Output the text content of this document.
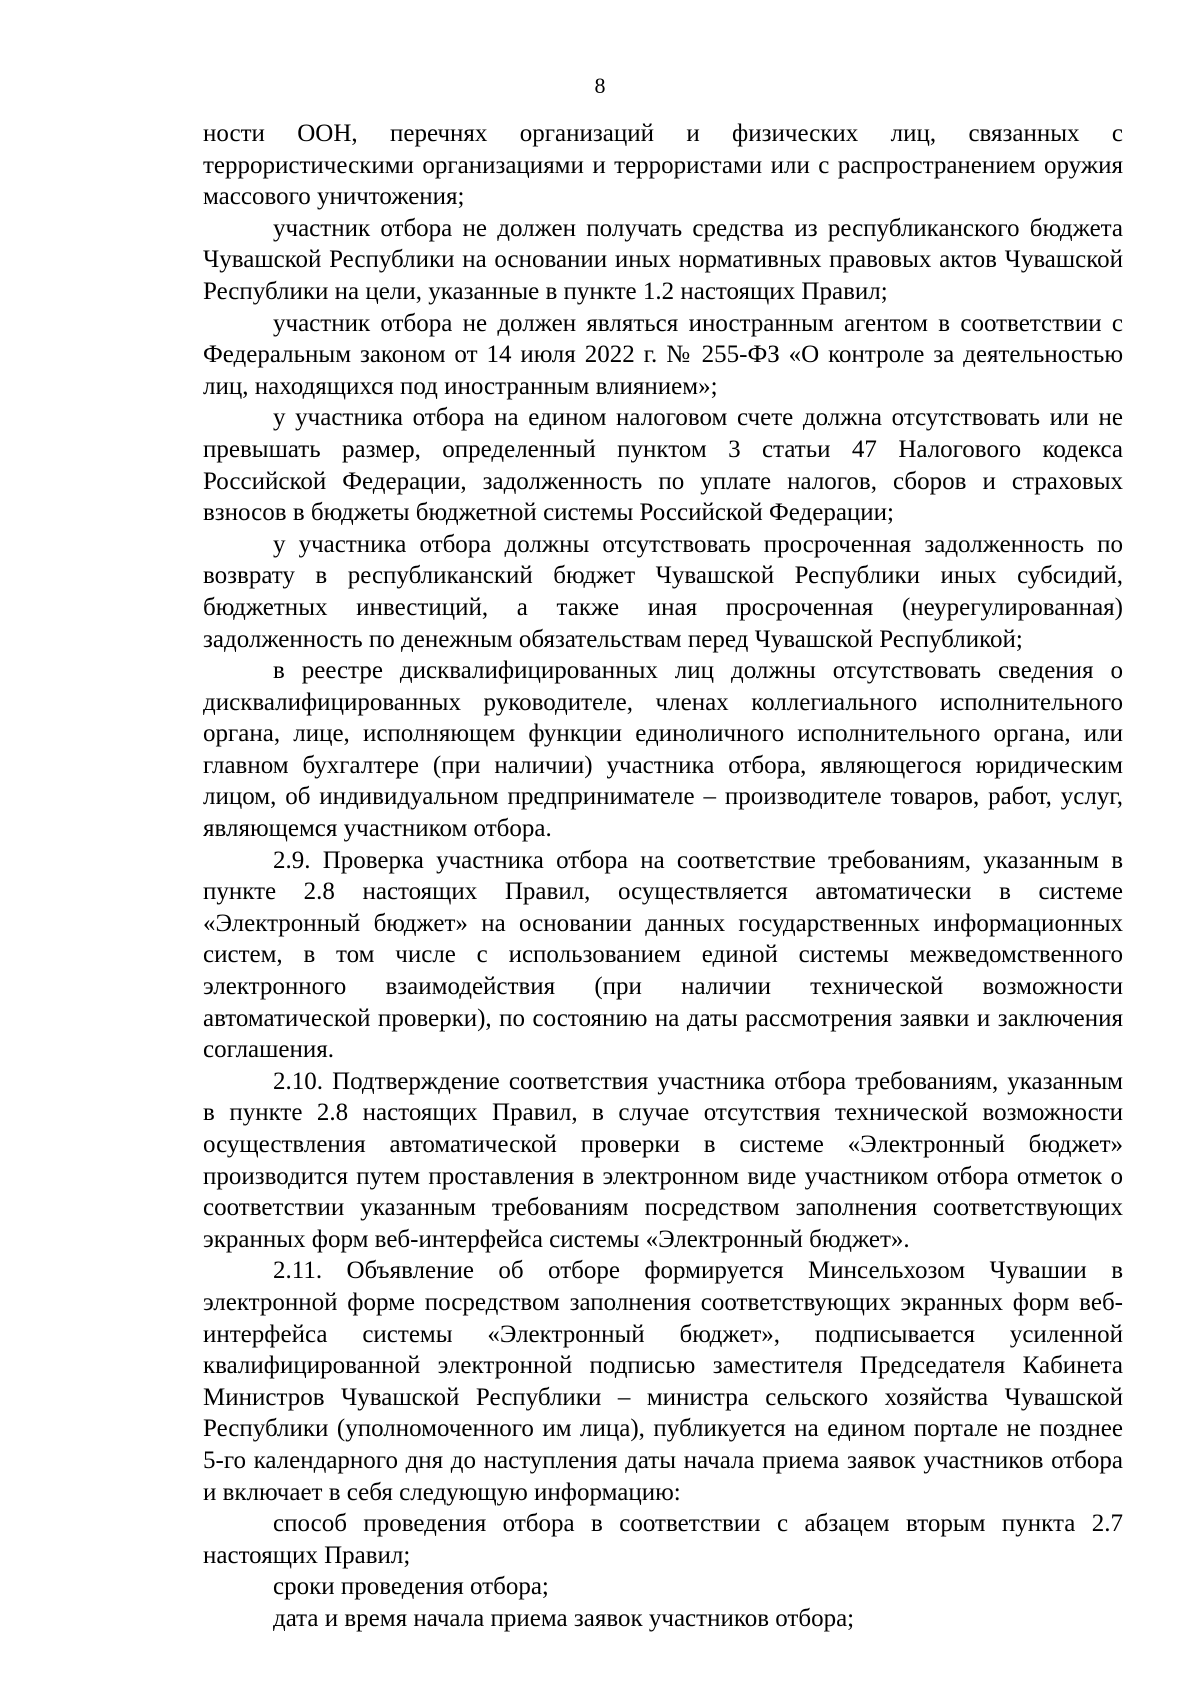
8

ности ООН, перечнях организаций и физических лиц, связанных с террористическими организациями и террористами или с распространением оружия массового уничтожения;

участник отбора не должен получать средства из республиканского бюджета Чувашской Республики на основании иных нормативных правовых актов Чувашской Республики на цели, указанные в пункте 1.2 настоящих Правил;

участник отбора не должен являться иностранным агентом в соответствии с Федеральным законом от 14 июля 2022 г. № 255-ФЗ «О контроле за деятельностью лиц, находящихся под иностранным влиянием»;

у участника отбора на едином налоговом счете должна отсутствовать или не превышать размер, определенный пунктом 3 статьи 47 Налогового кодекса Российской Федерации, задолженность по уплате налогов, сборов и страховых взносов в бюджеты бюджетной системы Российской Федерации;

у участника отбора должны отсутствовать просроченная задолженность по возврату в республиканский бюджет Чувашской Республики иных субсидий, бюджетных инвестиций, а также иная просроченная (неурегулированная) задолженность по денежным обязательствам перед Чувашской Республикой;

в реестре дисквалифицированных лиц должны отсутствовать сведения о дисквалифицированных руководителе, членах коллегиального исполнительного органа, лице, исполняющем функции единоличного исполнительного органа, или главном бухгалтере (при наличии) участника отбора, являющегося юридическим лицом, об индивидуальном предпринимателе – производителе товаров, работ, услуг, являющемся участником отбора.

2.9. Проверка участника отбора на соответствие требованиям, указанным в пункте 2.8 настоящих Правил, осуществляется автоматически в системе «Электронный бюджет» на основании данных государственных информационных систем, в том числе с использованием единой системы межведомственного электронного взаимодействия (при наличии технической возможности автоматической проверки), по состоянию на даты рассмотрения заявки и заключения соглашения.

2.10. Подтверждение соответствия участника отбора требованиям, указанным в пункте 2.8 настоящих Правил, в случае отсутствия технической возможности осуществления автоматической проверки в системе «Электронный бюджет» производится путем проставления в электронном виде участником отбора отметок о соответствии указанным требованиям посредством заполнения соответствующих экранных форм веб-интерфейса системы «Электронный бюджет».

2.11. Объявление об отборе формируется Минсельхозом Чувашии в электронной форме посредством заполнения соответствующих экранных форм веб-интерфейса системы «Электронный бюджет», подписывается усиленной квалифицированной электронной подписью заместителя Председателя Кабинета Министров Чувашской Республики – министра сельского хозяйства Чувашской Республики (уполномоченного им лица), публикуется на едином портале не позднее 5-го календарного дня до наступления даты начала приема заявок участников отбора и включает в себя следующую информацию:

способ проведения отбора в соответствии с абзацем вторым пункта 2.7 настоящих Правил;

сроки проведения отбора;

дата и время начала приема заявок участников отбора;
